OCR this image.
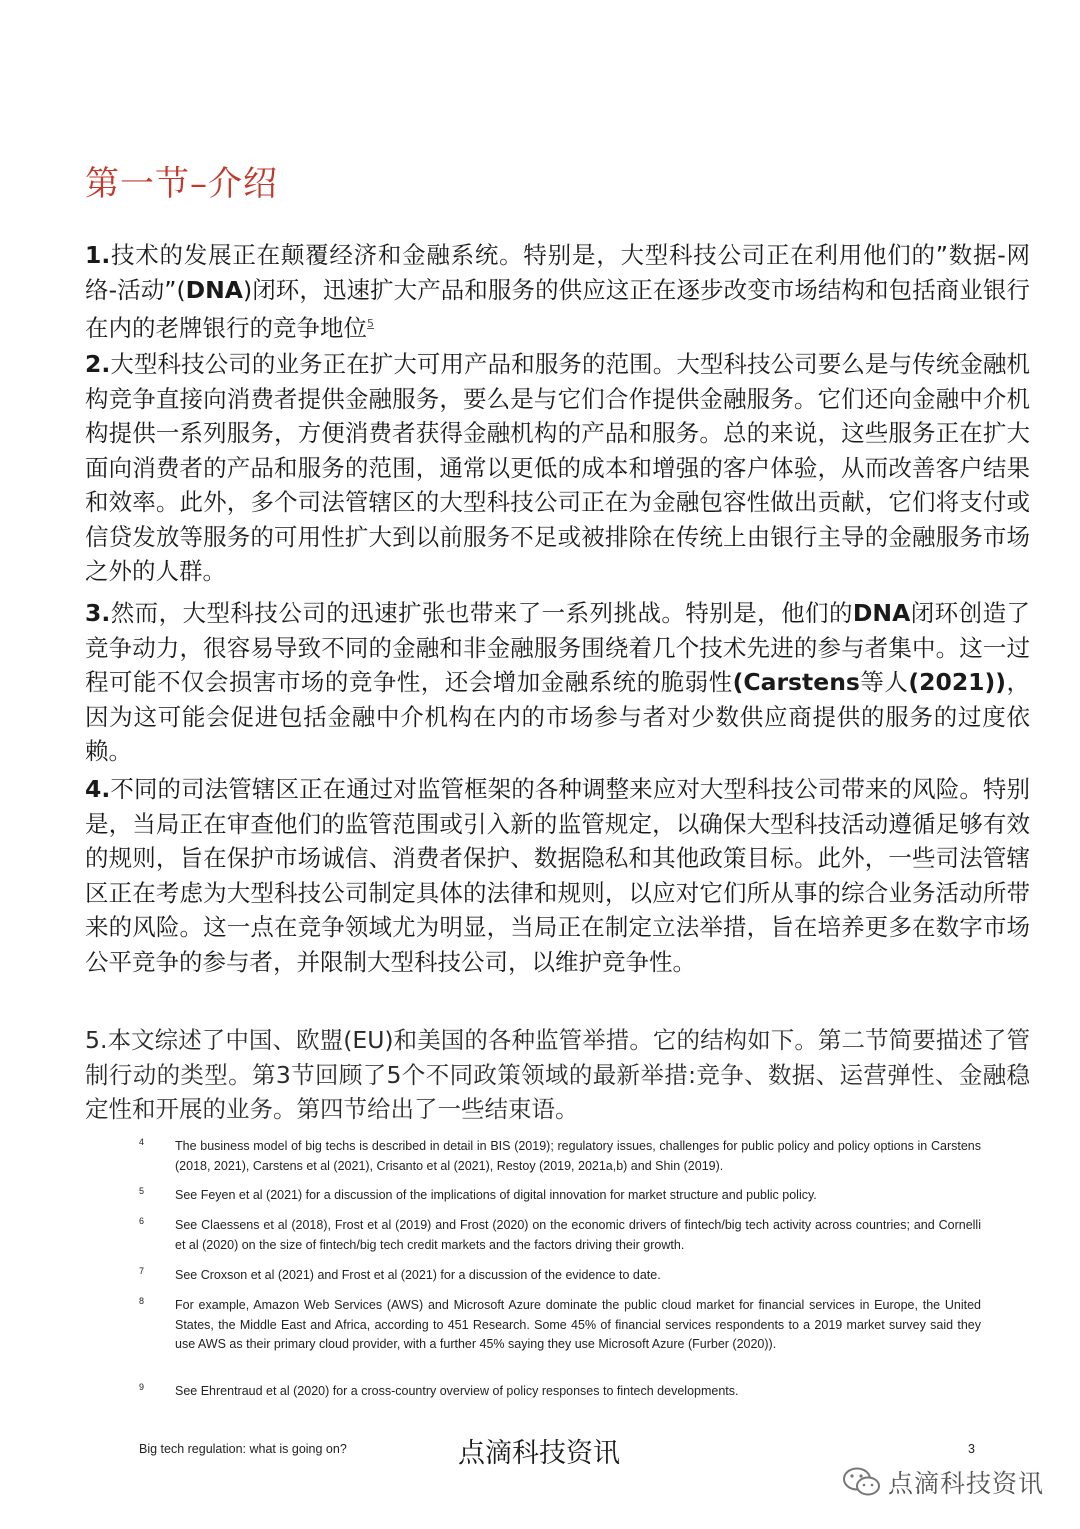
第一节–介绍

1.技术的发展正在颠覆经济和金融系统。特别是，大型科技公司正在利用他们的”数据-网络-活动”(DNA)闭环，迅速扩大产品和服务的供应这正在逐步改变市场结构和包括商业银行在内的老牌银行的竞争地位$^5$

2.大型科技公司的业务正在扩大可用产品和服务的范围。大型科技公司要么是与传统金融机构竞争直接向消费者提供金融服务，要么是与它们合作提供金融服务。它们还向金融中介机构提供一系列服务，方便消费者获得金融机构的产品和服务。总的来说，这些服务正在扩大面向消费者的产品和服务的范围，通常以更低的成本和增强的客户体验，从而改善客户结果和效率。此外，多个司法管辖区的大型科技公司正在为金融包容性做出贡献，它们将支付或信贷发放等服务的可用性扩大到以前服务不足或被排除在传统上由银行主导的金融服务市场之外的人群。

3.然而，大型科技公司的迅速扩张也带来了一系列挑战。特别是，他们的DNA闭环创造了竞争动力，很容易导致不同的金融和非金融服务围绕着几个技术先进的参与者集中。这一过程可能不仅会损害市场的竞争性，还会增加金融系统的脆弱性(Carstens等人(2021))，因为这可能会促进包括金融中介机构在内的市场参与者对少数供应商提供的服务的过度依赖。

4.不同的司法管辖区正在通过对监管框架的各种调整来应对大型科技公司带来的风险。特别是，当局正在审查他们的监管范围或引入新的监管规定，以确保大型科技活动遵循足够有效的规则，旨在保护市场诚信、消费者保护、数据隐私和其他政策目标。此外，一些司法管辖区正在考虑为大型科技公司制定具体的法律和规则，以应对它们所从事的综合业务活动所带来的风险。这一点在竞争领域尤为明显，当局正在制定立法举措，旨在培养更多在数字市场公平竞争的参与者，并限制大型科技公司，以维护竞争性。

5.本文综述了中国、欧盟(EU)和美国的各种监管举措。它的结构如下。第二节简要描述了管制行动的类型。第3节回顾了5个不同政策领域的最新举措:竞争、数据、运营弹性、金融稳定性和开展的业务。第四节给出了一些结束语。

4 The business model of big techs is described in detail in BIS (2019); regulatory issues, challenges for public policy and policy options in Carstens (2018, 2021), Carstens et al (2021), Crisanto et al (2021), Restoy (2019, 2021a,b) and Shin (2019).
5 See Feyen et al (2021) for a discussion of the implications of digital innovation for market structure and public policy.
6 See Claessens et al (2018), Frost et al (2019) and Frost (2020) on the economic drivers of fintech/big tech activity across countries; and Cornelli et al (2020) on the size of fintech/big tech credit markets and the factors driving their growth.
7 See Croxson et al (2021) and Frost et al (2021) for a discussion of the evidence to date.
8 For example, Amazon Web Services (AWS) and Microsoft Azure dominate the public cloud market for financial services in Europe, the United States, the Middle East and Africa, according to 451 Research. Some 45% of financial services respondents to a 2019 market survey said they use AWS as their primary cloud provider, with a further 45% saying they use Microsoft Azure (Furber (2020)).
9 See Ehrentraud et al (2020) for a cross-country overview of policy responses to fintech developments.
Big tech regulation: what is going on?	点滴科技资讯	3
点滴科技资讯
